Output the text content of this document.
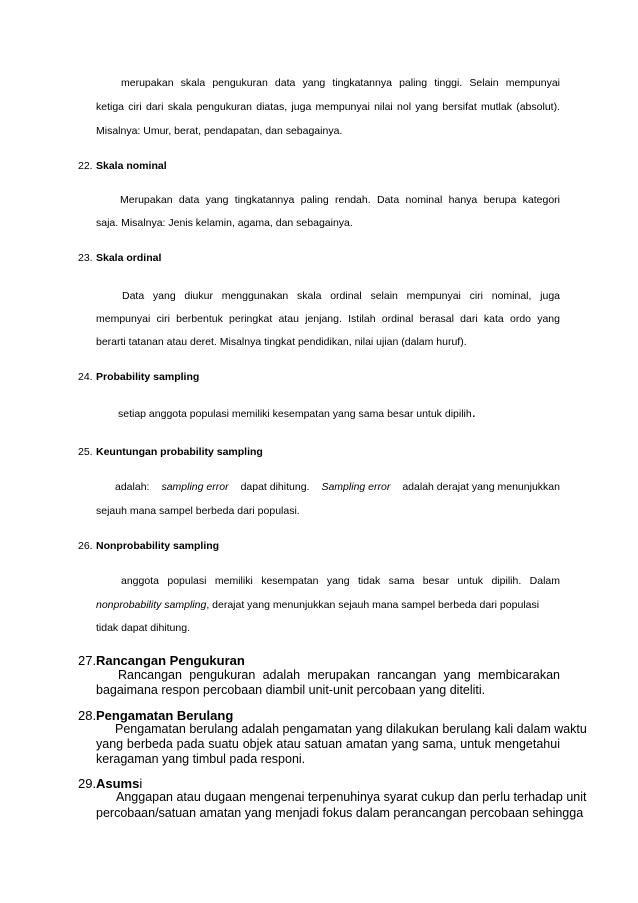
merupakan skala pengukuran data yang tingkatannya paling tinggi. Selain mempunyai
ketiga ciri dari skala pengukuran diatas, juga mempunyai nilai nol yang bersifat mutlak (absolut).
Misalnya: Umur, berat, pendapatan, dan sebagainya.
22. Skala nominal
Merupakan data yang tingkatannya paling rendah. Data nominal hanya berupa kategori
saja. Misalnya: Jenis kelamin, agama, dan sebagainya.
23. Skala ordinal
Data yang diukur menggunakan skala ordinal selain mempunyai ciri nominal, juga
mempunyai ciri berbentuk peringkat atau jenjang. Istilah ordinal berasal dari kata ordo yang
berarti tatanan atau deret. Misalnya tingkat pendidikan, nilai ujian (dalam huruf).
24. Probability sampling
setiap anggota populasi memiliki kesempatan yang sama besar untuk dipilih.
25. Keuntungan probability sampling
adalah: sampling error dapat dihitung. Sampling error adalah derajat yang menunjukkan
sejauh mana sampel berbeda dari populasi.
26. Nonprobability sampling
anggota populasi memiliki kesempatan yang tidak sama besar untuk dipilih. Dalam
nonprobability sampling, derajat yang menunjukkan sejauh mana sampel berbeda dari populasi
tidak dapat dihitung.
27. Rancangan Pengukuran
Rancangan pengukuran adalah merupakan rancangan yang membicarakan
bagaimana respon percobaan diambil unit-unit percobaan yang diteliti.
28. Pengamatan Berulang
Pengamatan berulang adalah pengamatan yang dilakukan berulang kali dalam waktu
yang berbeda pada suatu objek atau satuan amatan yang sama, untuk mengetahui
keragaman yang timbul pada responi.
29. Asumsi
Anggapan atau dugaan mengenai terpenuhinya syarat cukup dan perlu terhadap unit
percobaan/satuan amatan yang menjadi fokus dalam perancangan percobaan sehingga
